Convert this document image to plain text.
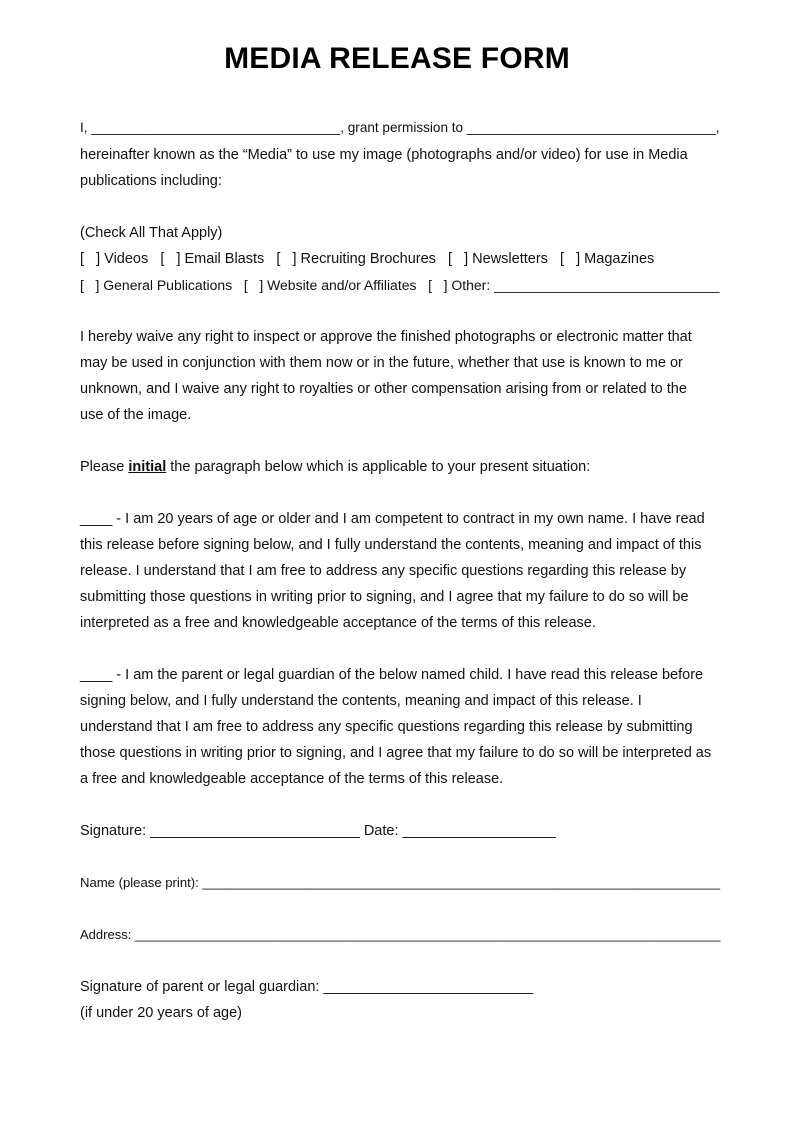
MEDIA RELEASE FORM
I, _________________________________, grant permission to _________________________________,
hereinafter known as the “Media” to use my image (photographs and/or video) for use in Media
publications including:
(Check All That Apply)
[   ] Videos   [   ] Email Blasts   [   ] Recruiting Brochures   [   ] Newsletters   [   ] Magazines
[   ] General Publications   [   ] Website and/or Affiliates   [   ] Other: _____________________________
I hereby waive any right to inspect or approve the finished photographs or electronic matter that
may be used in conjunction with them now or in the future, whether that use is known to me or
unknown, and I waive any right to royalties or other compensation arising from or related to the
use of the image.
Please initial the paragraph below which is applicable to your present situation:
____ - I am 20 years of age or older and I am competent to contract in my own name. I have read
this release before signing below, and I fully understand the contents, meaning and impact of this
release. I understand that I am free to address any specific questions regarding this release by
submitting those questions in writing prior to signing, and I agree that my failure to do so will be
interpreted as a free and knowledgeable acceptance of the terms of this release.
____ - I am the parent or legal guardian of the below named child. I have read this release before
signing below, and I fully understand the contents, meaning and impact of this release. I
understand that I am free to address any specific questions regarding this release by submitting
those questions in writing prior to signing, and I agree that my failure to do so will be interpreted as
a free and knowledgeable acceptance of the terms of this release.
Signature: __________________________ Date: ___________________
Name (please print): _______________________________________________________________________
Address: _________________________________________________________________________________
Signature of parent or legal guardian: __________________________
(if under 20 years of age)
